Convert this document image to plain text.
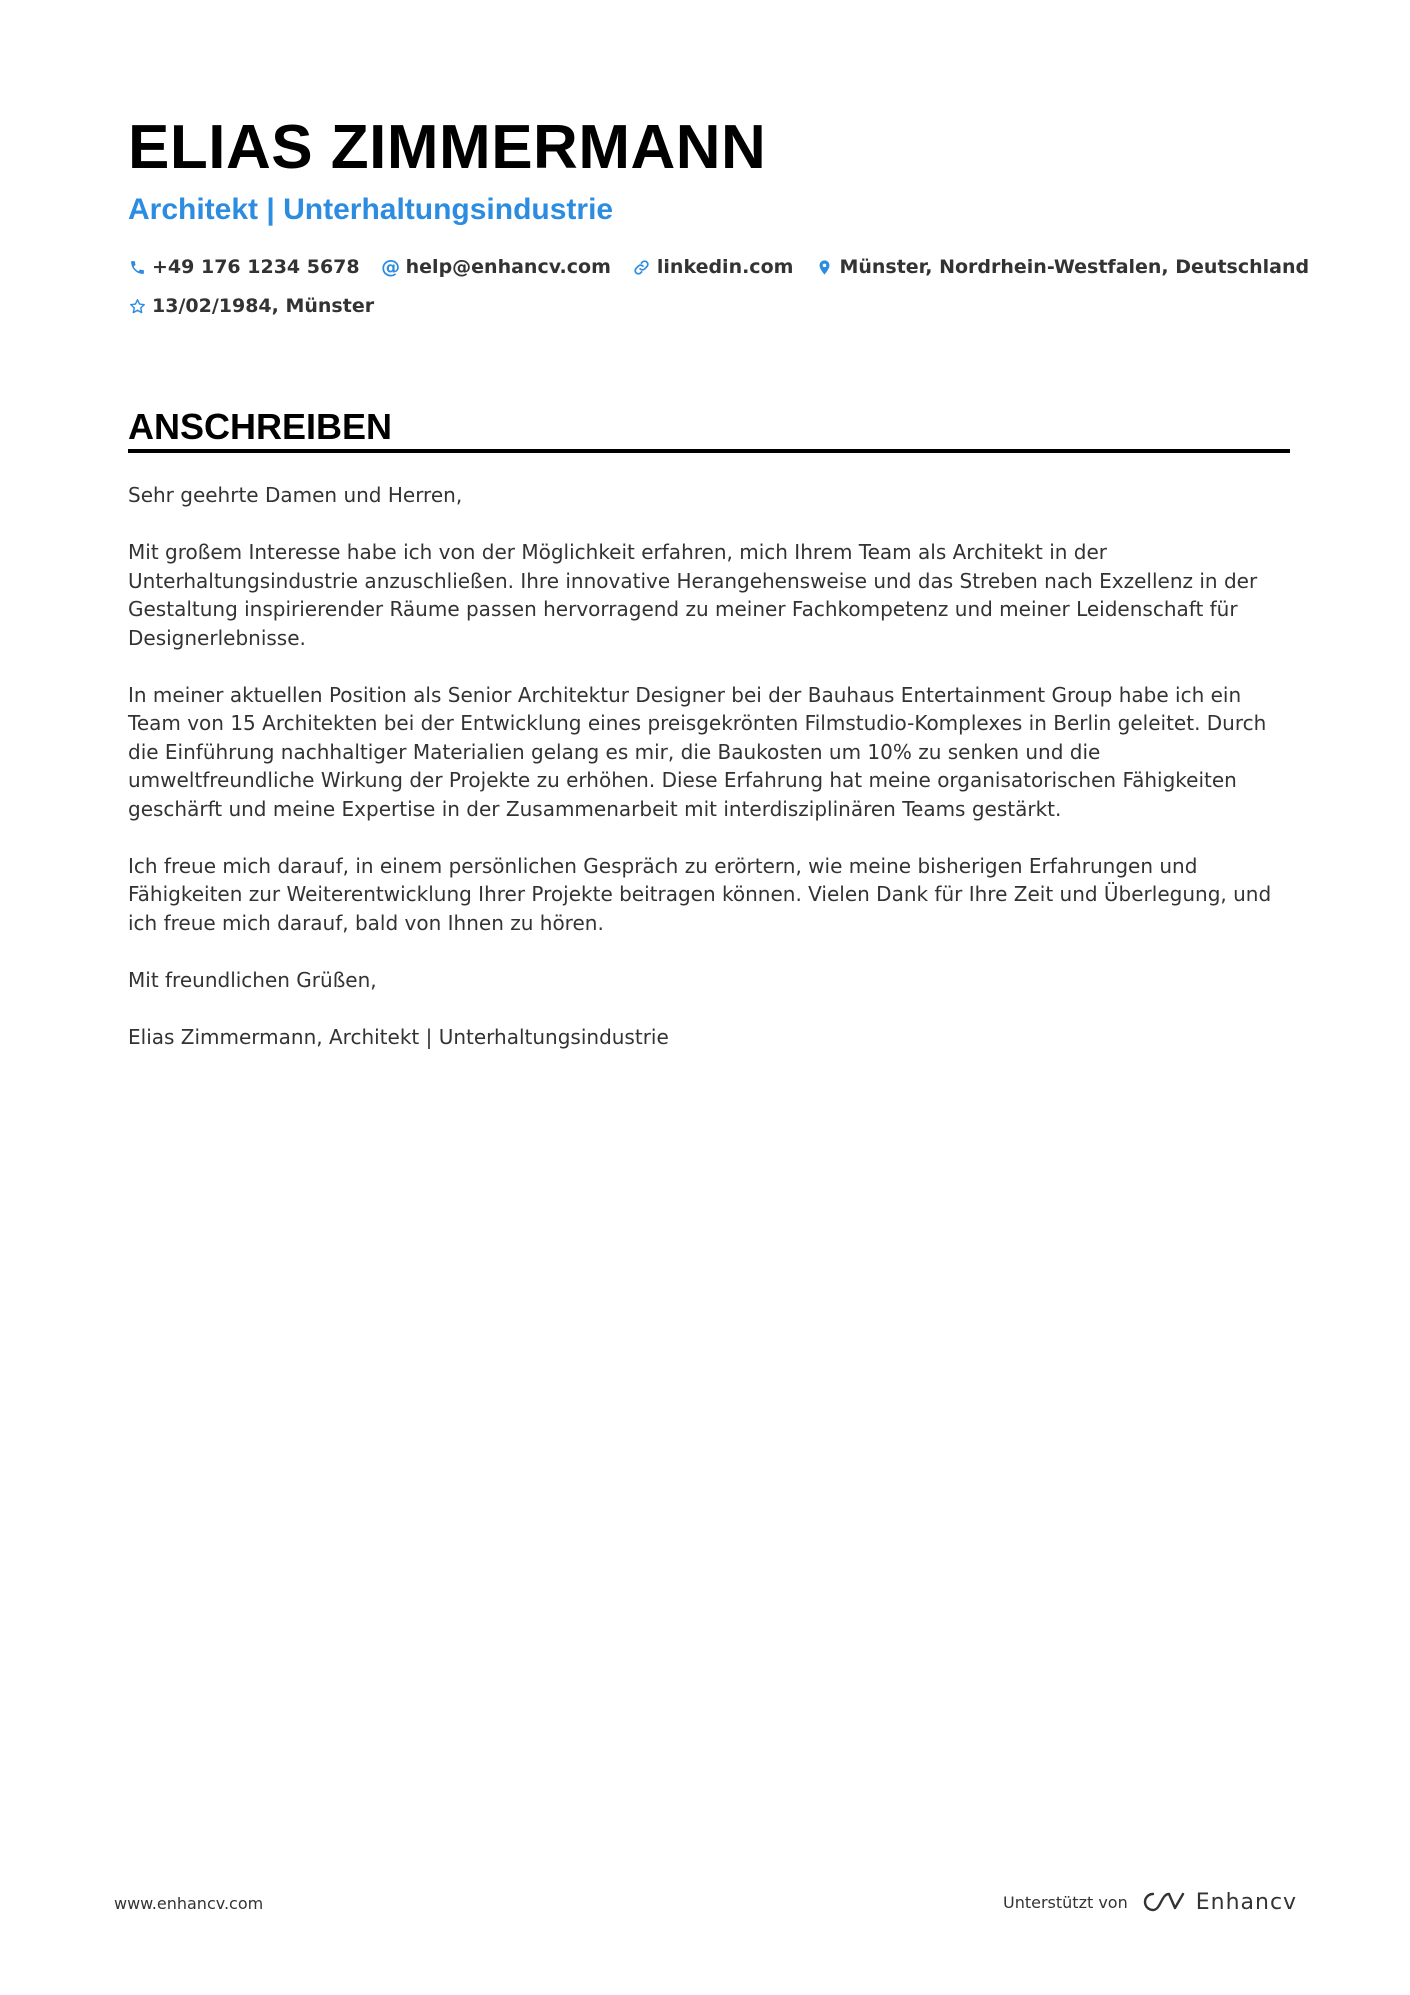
ELIAS ZIMMERMANN
Architekt | Unterhaltungsindustrie
+49 176 1234 5678 @ help@enhancv.com linkedin.com Münster, Nordrhein-Westfalen, Deutschland
13/02/1984, Münster
ANSCHREIBEN

Sehr geehrte Damen und Herren,

Mit großem Interesse habe ich von der Möglichkeit erfahren, mich Ihrem Team als Architekt in der Unterhaltungsindustrie anzuschließen. Ihre innovative Herangehensweise und das Streben nach Exzellenz in der Gestaltung inspirierender Räume passen hervorragend zu meiner Fachkompetenz und meiner Leidenschaft für Designerlebnisse.

In meiner aktuellen Position als Senior Architektur Designer bei der Bauhaus Entertainment Group habe ich ein Team von 15 Architekten bei der Entwicklung eines preisgekrönten Filmstudio-Komplexes in Berlin geleitet. Durch die Einführung nachhaltiger Materialien gelang es mir, die Baukosten um 10% zu senken und die umweltfreundliche Wirkung der Projekte zu erhöhen. Diese Erfahrung hat meine organisatorischen Fähigkeiten geschärft und meine Expertise in der Zusammenarbeit mit interdisziplinären Teams gestärkt.

Ich freue mich darauf, in einem persönlichen Gespräch zu erörtern, wie meine bisherigen Erfahrungen und Fähigkeiten zur Weiterentwicklung Ihrer Projekte beitragen können. Vielen Dank für Ihre Zeit und Überlegung, und ich freue mich darauf, bald von Ihnen zu hören.

Mit freundlichen Grüßen,

Elias Zimmermann, Architekt | Unterhaltungsindustrie

www.enhancv.com	Unterstützt von	Enhancv
